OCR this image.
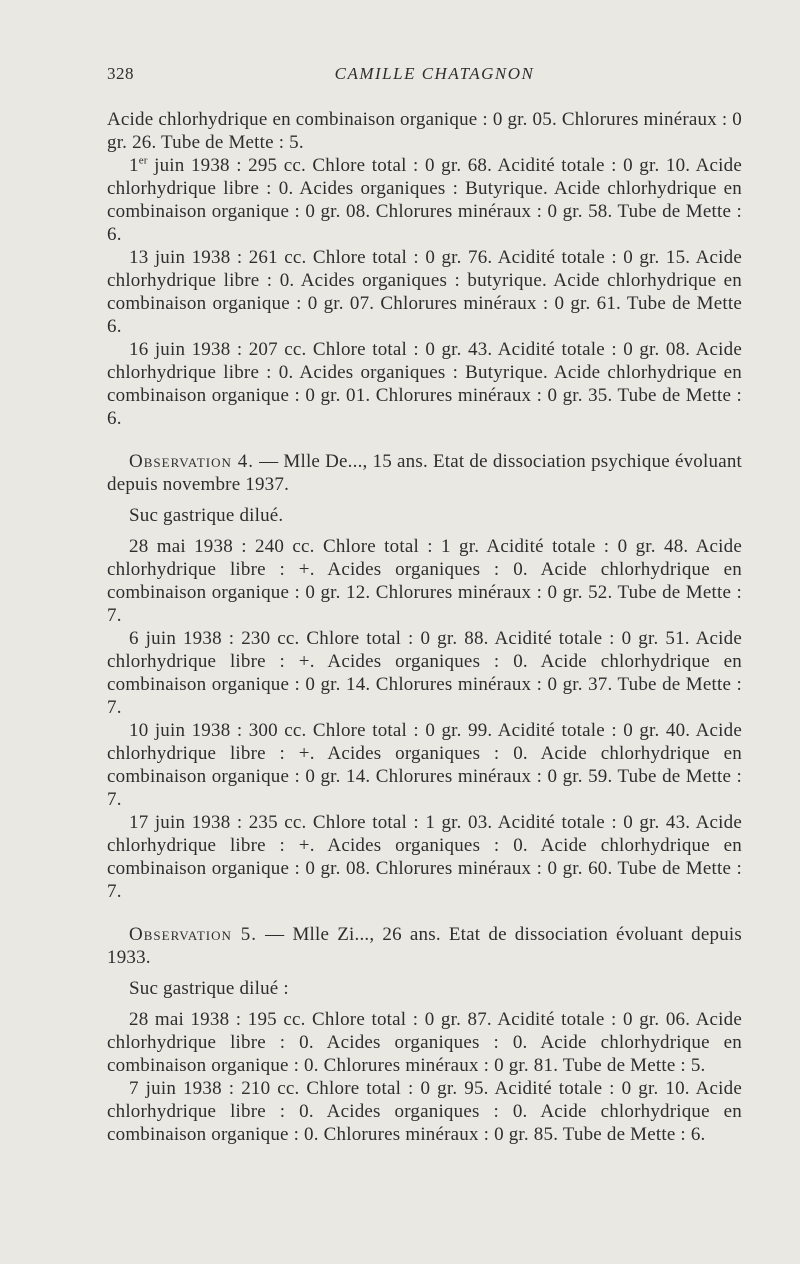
328	CAMILLE CHATAGNON

Acide chlorhydrique en combinaison organique : 0 gr. 05. Chlorures minéraux : 0 gr. 26. Tube de Mette : 5.

1er juin 1938 : 295 cc. Chlore total : 0 gr. 68. Acidité totale : 0 gr. 10. Acide chlorhydrique libre : 0. Acides organiques : Butyrique. Acide chlorhydrique en combinaison organique : 0 gr. 08. Chlorures minéraux : 0 gr. 58. Tube de Mette : 6.

13 juin 1938 : 261 cc. Chlore total : 0 gr. 76. Acidité totale : 0 gr. 15. Acide chlorhydrique libre : 0. Acides organiques : butyrique. Acide chlorhydrique en combinaison organique : 0 gr. 07. Chlorures minéraux : 0 gr. 61. Tube de Mette 6.

16 juin 1938 : 207 cc. Chlore total : 0 gr. 43. Acidité totale : 0 gr. 08. Acide chlorhydrique libre : 0. Acides organiques : Butyrique. Acide chlorhydrique en combinaison organique : 0 gr. 01. Chlorures minéraux : 0 gr. 35. Tube de Mette : 6.

Observation 4. — Mlle De..., 15 ans. Etat de dissociation psychique évoluant depuis novembre 1937.

Suc gastrique dilué.

28 mai 1938 : 240 cc. Chlore total : 1 gr. Acidité totale : 0 gr. 48. Acide chlorhydrique libre : +. Acides organiques : 0. Acide chlorhydrique en combinaison organique : 0 gr. 12. Chlorures minéraux : 0 gr. 52. Tube de Mette : 7.

6 juin 1938 : 230 cc. Chlore total : 0 gr. 88. Acidité totale : 0 gr. 51. Acide chlorhydrique libre : +. Acides organiques : 0. Acide chlorhydrique en combinaison organique : 0 gr. 14. Chlorures minéraux : 0 gr. 37. Tube de Mette : 7.

10 juin 1938 : 300 cc. Chlore total : 0 gr. 99. Acidité totale : 0 gr. 40. Acide chlorhydrique libre : +. Acides organiques : 0. Acide chlorhydrique en combinaison organique : 0 gr. 14. Chlorures minéraux : 0 gr. 59. Tube de Mette : 7.

17 juin 1938 : 235 cc. Chlore total : 1 gr. 03. Acidité totale : 0 gr. 43. Acide chlorhydrique libre : +. Acides organiques : 0. Acide chlorhydrique en combinaison organique : 0 gr. 08. Chlorures minéraux : 0 gr. 60. Tube de Mette : 7.

Observation 5. — Mlle Zi..., 26 ans. Etat de dissociation évoluant depuis 1933.

Suc gastrique dilué :

28 mai 1938 : 195 cc. Chlore total : 0 gr. 87. Acidité totale : 0 gr. 06. Acide chlorhydrique libre : 0. Acides organiques : 0. Acide chlorhydrique en combinaison organique : 0. Chlorures minéraux : 0 gr. 81. Tube de Mette : 5.

7 juin 1938 : 210 cc. Chlore total : 0 gr. 95. Acidité totale : 0 gr. 10. Acide chlorhydrique libre : 0. Acides organiques : 0. Acide chlorhydrique en combinaison organique : 0. Chlorures minéraux : 0 gr. 85. Tube de Mette : 6.
